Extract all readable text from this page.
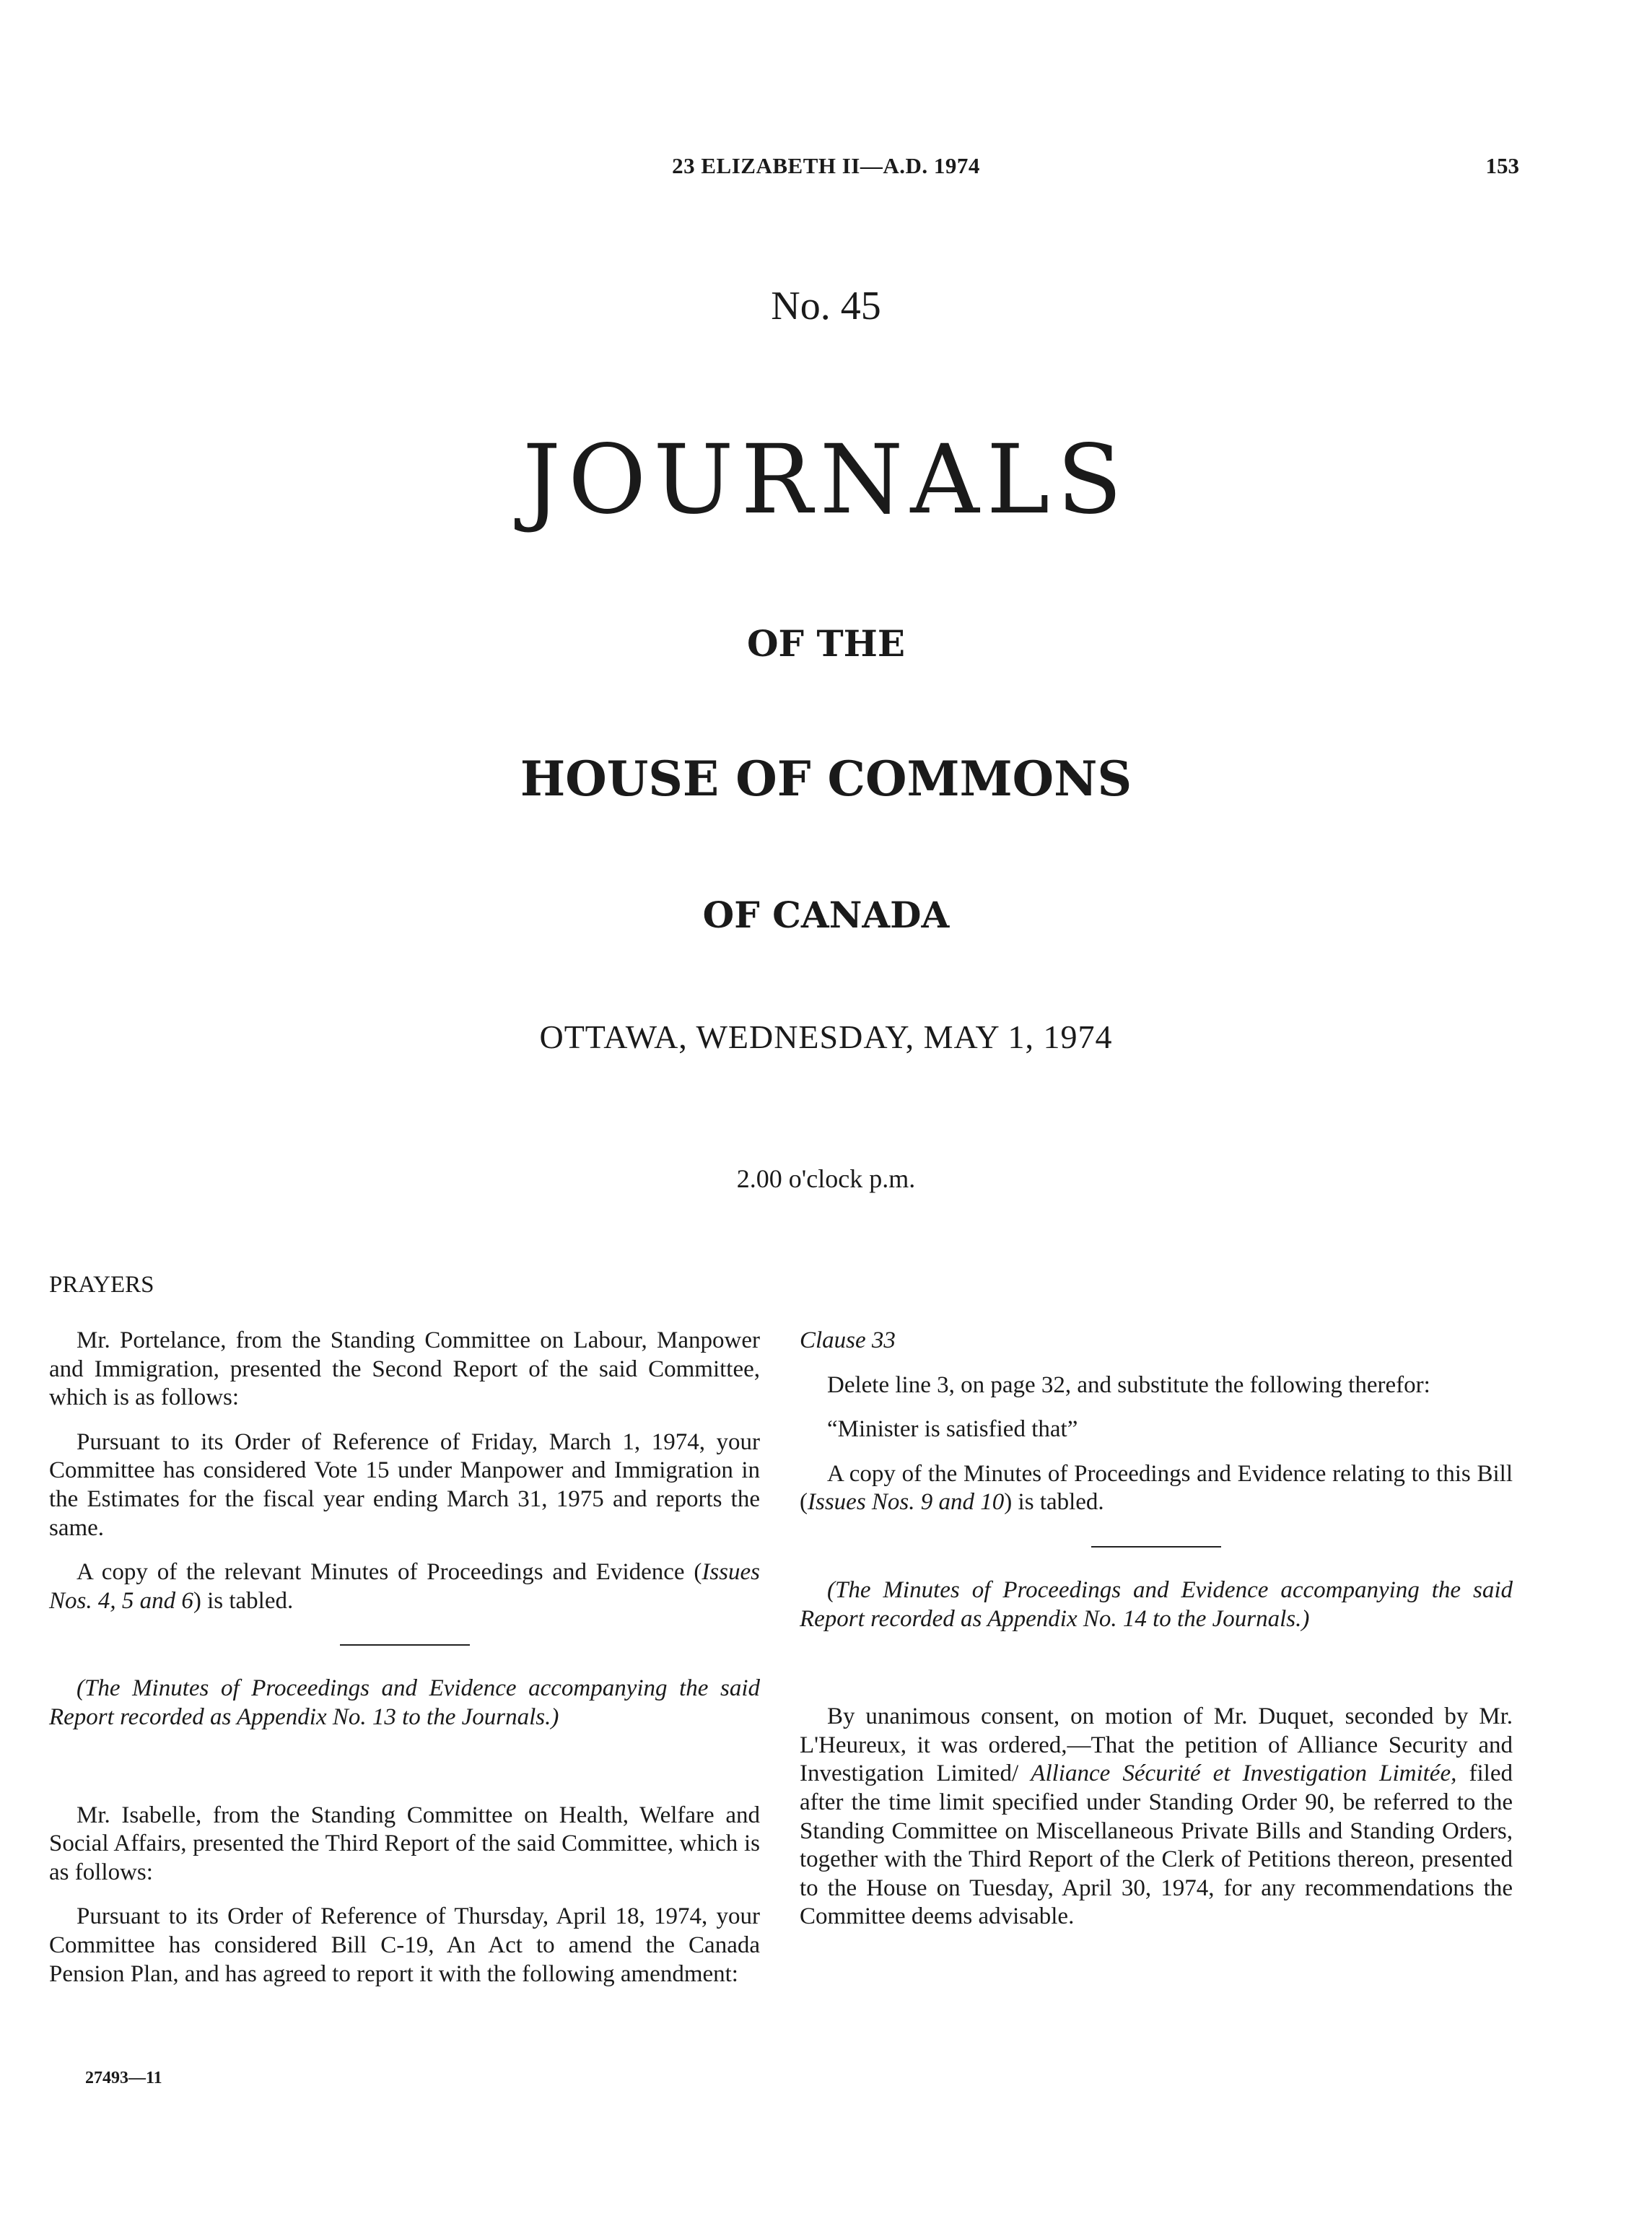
23 ELIZABETH II—A.D. 1974	153
No. 45
JOURNALS
OF THE
HOUSE OF COMMONS
OF CANADA
OTTAWA, WEDNESDAY, MAY 1, 1974
2.00 o'clock p.m.
PRAYERS

Mr. Portelance, from the Standing Committee on Labour, Manpower and Immigration, presented the Second Report of the said Committee, which is as follows:

Pursuant to its Order of Reference of Friday, March 1, 1974, your Committee has considered Vote 15 under Manpower and Immigration in the Estimates for the fiscal year ending March 31, 1975 and reports the same.

A copy of the relevant Minutes of Proceedings and Evidence (Issues Nos. 4, 5 and 6) is tabled.

(The Minutes of Proceedings and Evidence accompanying the said Report recorded as Appendix No. 13 to the Journals.)

Mr. Isabelle, from the Standing Committee on Health, Welfare and Social Affairs, presented the Third Report of the said Committee, which is as follows:

Pursuant to its Order of Reference of Thursday, April 18, 1974, your Committee has considered Bill C-19, An Act to amend the Canada Pension Plan, and has agreed to report it with the following amendment:

Clause 33

Delete line 3, on page 32, and substitute the following therefor:

“Minister is satisfied that”

A copy of the Minutes of Proceedings and Evidence relating to this Bill (Issues Nos. 9 and 10) is tabled.

(The Minutes of Proceedings and Evidence accompanying the said Report recorded as Appendix No. 14 to the Journals.)

By unanimous consent, on motion of Mr. Duquet, seconded by Mr. L'Heureux, it was ordered,—That the petition of Alliance Security and Investigation Limited/ Alliance Sécurité et Investigation Limitée, filed after the time limit specified under Standing Order 90, be referred to the Standing Committee on Miscellaneous Private Bills and Standing Orders, together with the Third Report of the Clerk of Petitions thereon, presented to the House on Tuesday, April 30, 1974, for any recommendations the Committee deems advisable.

27493—11
